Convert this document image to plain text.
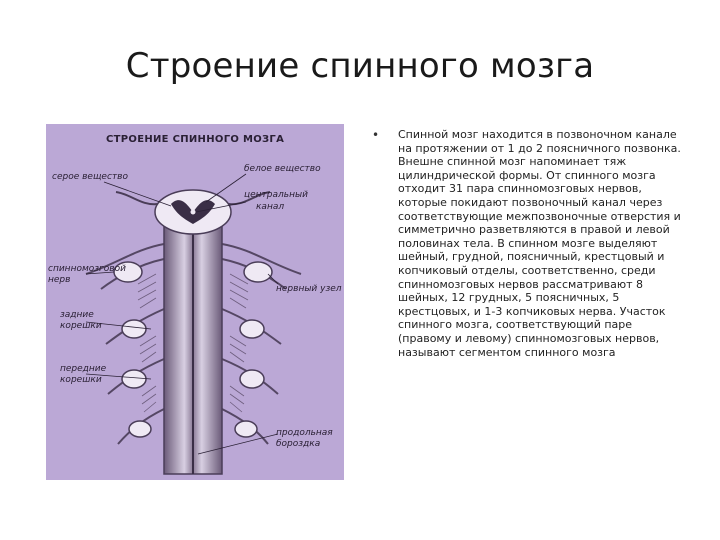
Строение спинного мозга
СТРОЕНИЕ СПИННОГО МОЗГА
серое вещество
белое вещество
центральный
канал
спинномозговой
нерв
нервный узел
задние
корешки
передние
корешки
продольная
бороздка
• Спинной мозг находится в позвоночном канале на протяжении от 1 до 2 поясничного позвонка. Внешне спинной мозг напоминает тяж цилиндрической формы. От спинного мозга отходит 31 пара спинномозговых нервов, которые покидают позвоночный канал через соответствующие межпозвоночные отверстия и симметрично разветвляются в правой и левой половинах тела. В спинном мозге выделяют шейный, грудной, поясничный, крестцовый и копчиковый отделы, соответственно, среди спинномозговых нервов рассматривают 8 шейных, 12 грудных, 5 поясничных, 5 крестцовых, и 1-3 копчиковых нерва. Участок спинного мозга, соответствующий паре (правому и левому) спинномозговых нервов, называют сегментом спинного мозга
